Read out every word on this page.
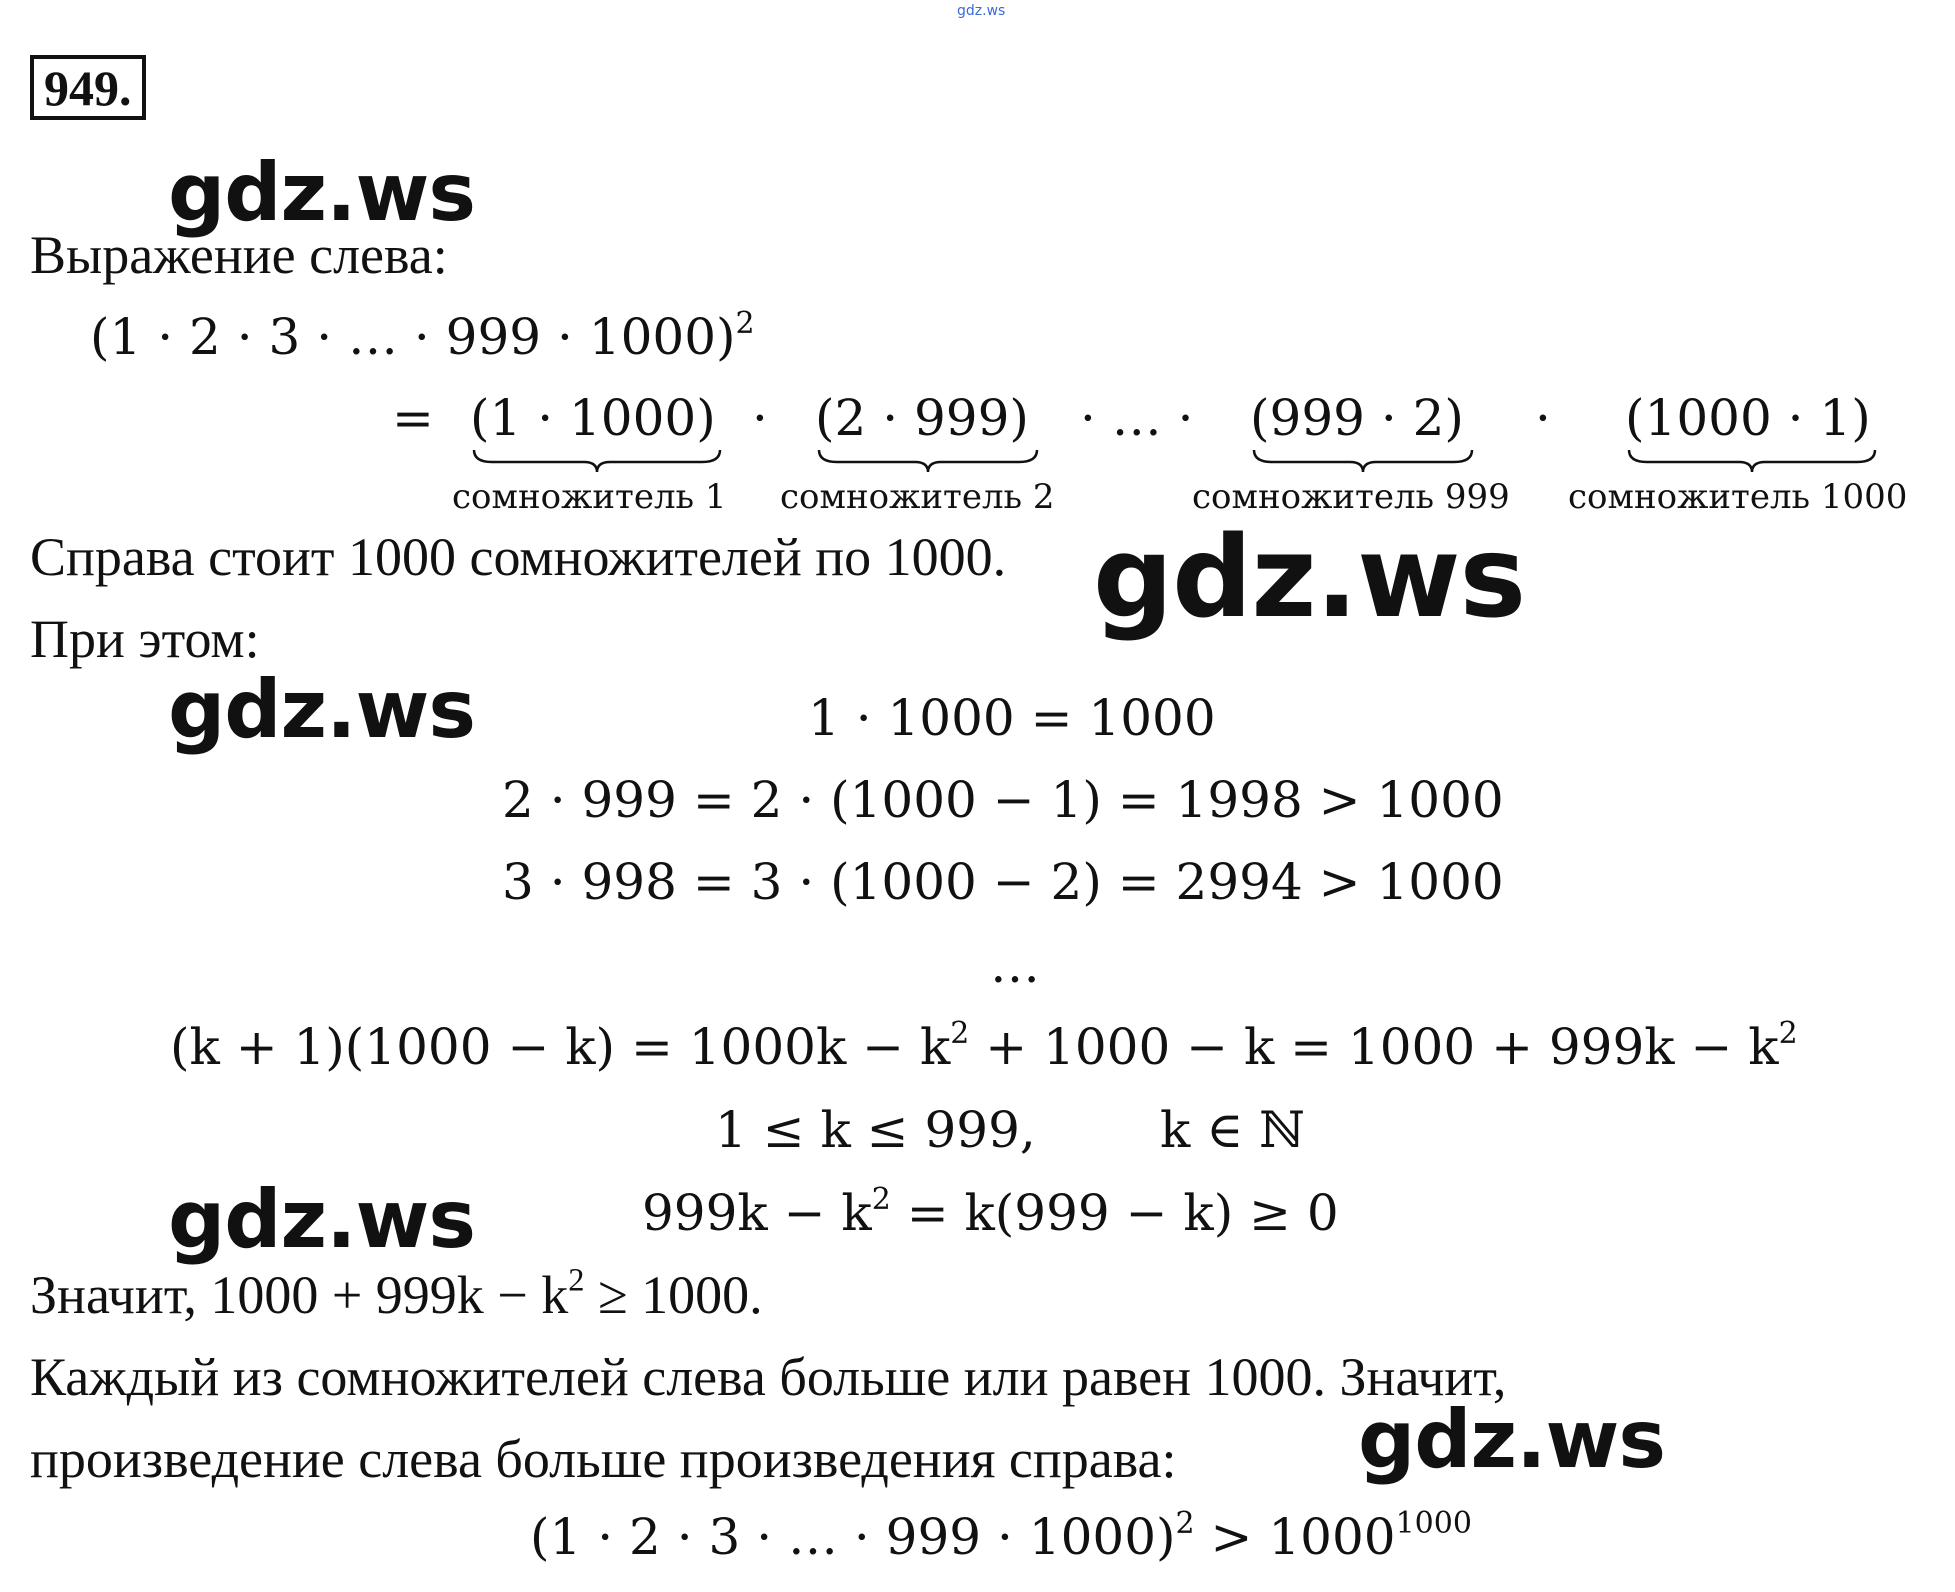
gdz.ws
949.
gdz.ws
gdz.ws
gdz.ws
gdz.ws
gdz.ws
Выражение слева:
(1 · 2 · 3 · … · 999 · 1000)$^2$
= (1 · 1000)
сомножитель 1
· (2 · 999)
сомножитель 2
· … · (999 · 2)
сомножитель 999
· (1000 · 1)
сомножитель 1000
Справа стоит 1000 сомножителей по 1000.
При этом:
1 · 1000 = 1000
2 · 999 = 2 · (1000 − 1) = 1998 > 1000
3 · 998 = 3 · (1000 − 2) = 2994 > 1000
…
$(k + 1)(1000 - k) = 1000k - k^2 + 1000 - k = 1000 + 999k - k^2$
1 ≤ k ≤ 999, k ∈ ℕ
$999k - k^2 = k(999 - k) \ge 0$
Значит, $1000 + 999k - k^2 \ge 1000$.
Каждый из сомножителей слева больше или равен 1000. Значит,
произведение слева больше произведения справа:
(1 · 2 · 3 · … · $999 \cdot 1000)^2 > 1000^{1000}$
